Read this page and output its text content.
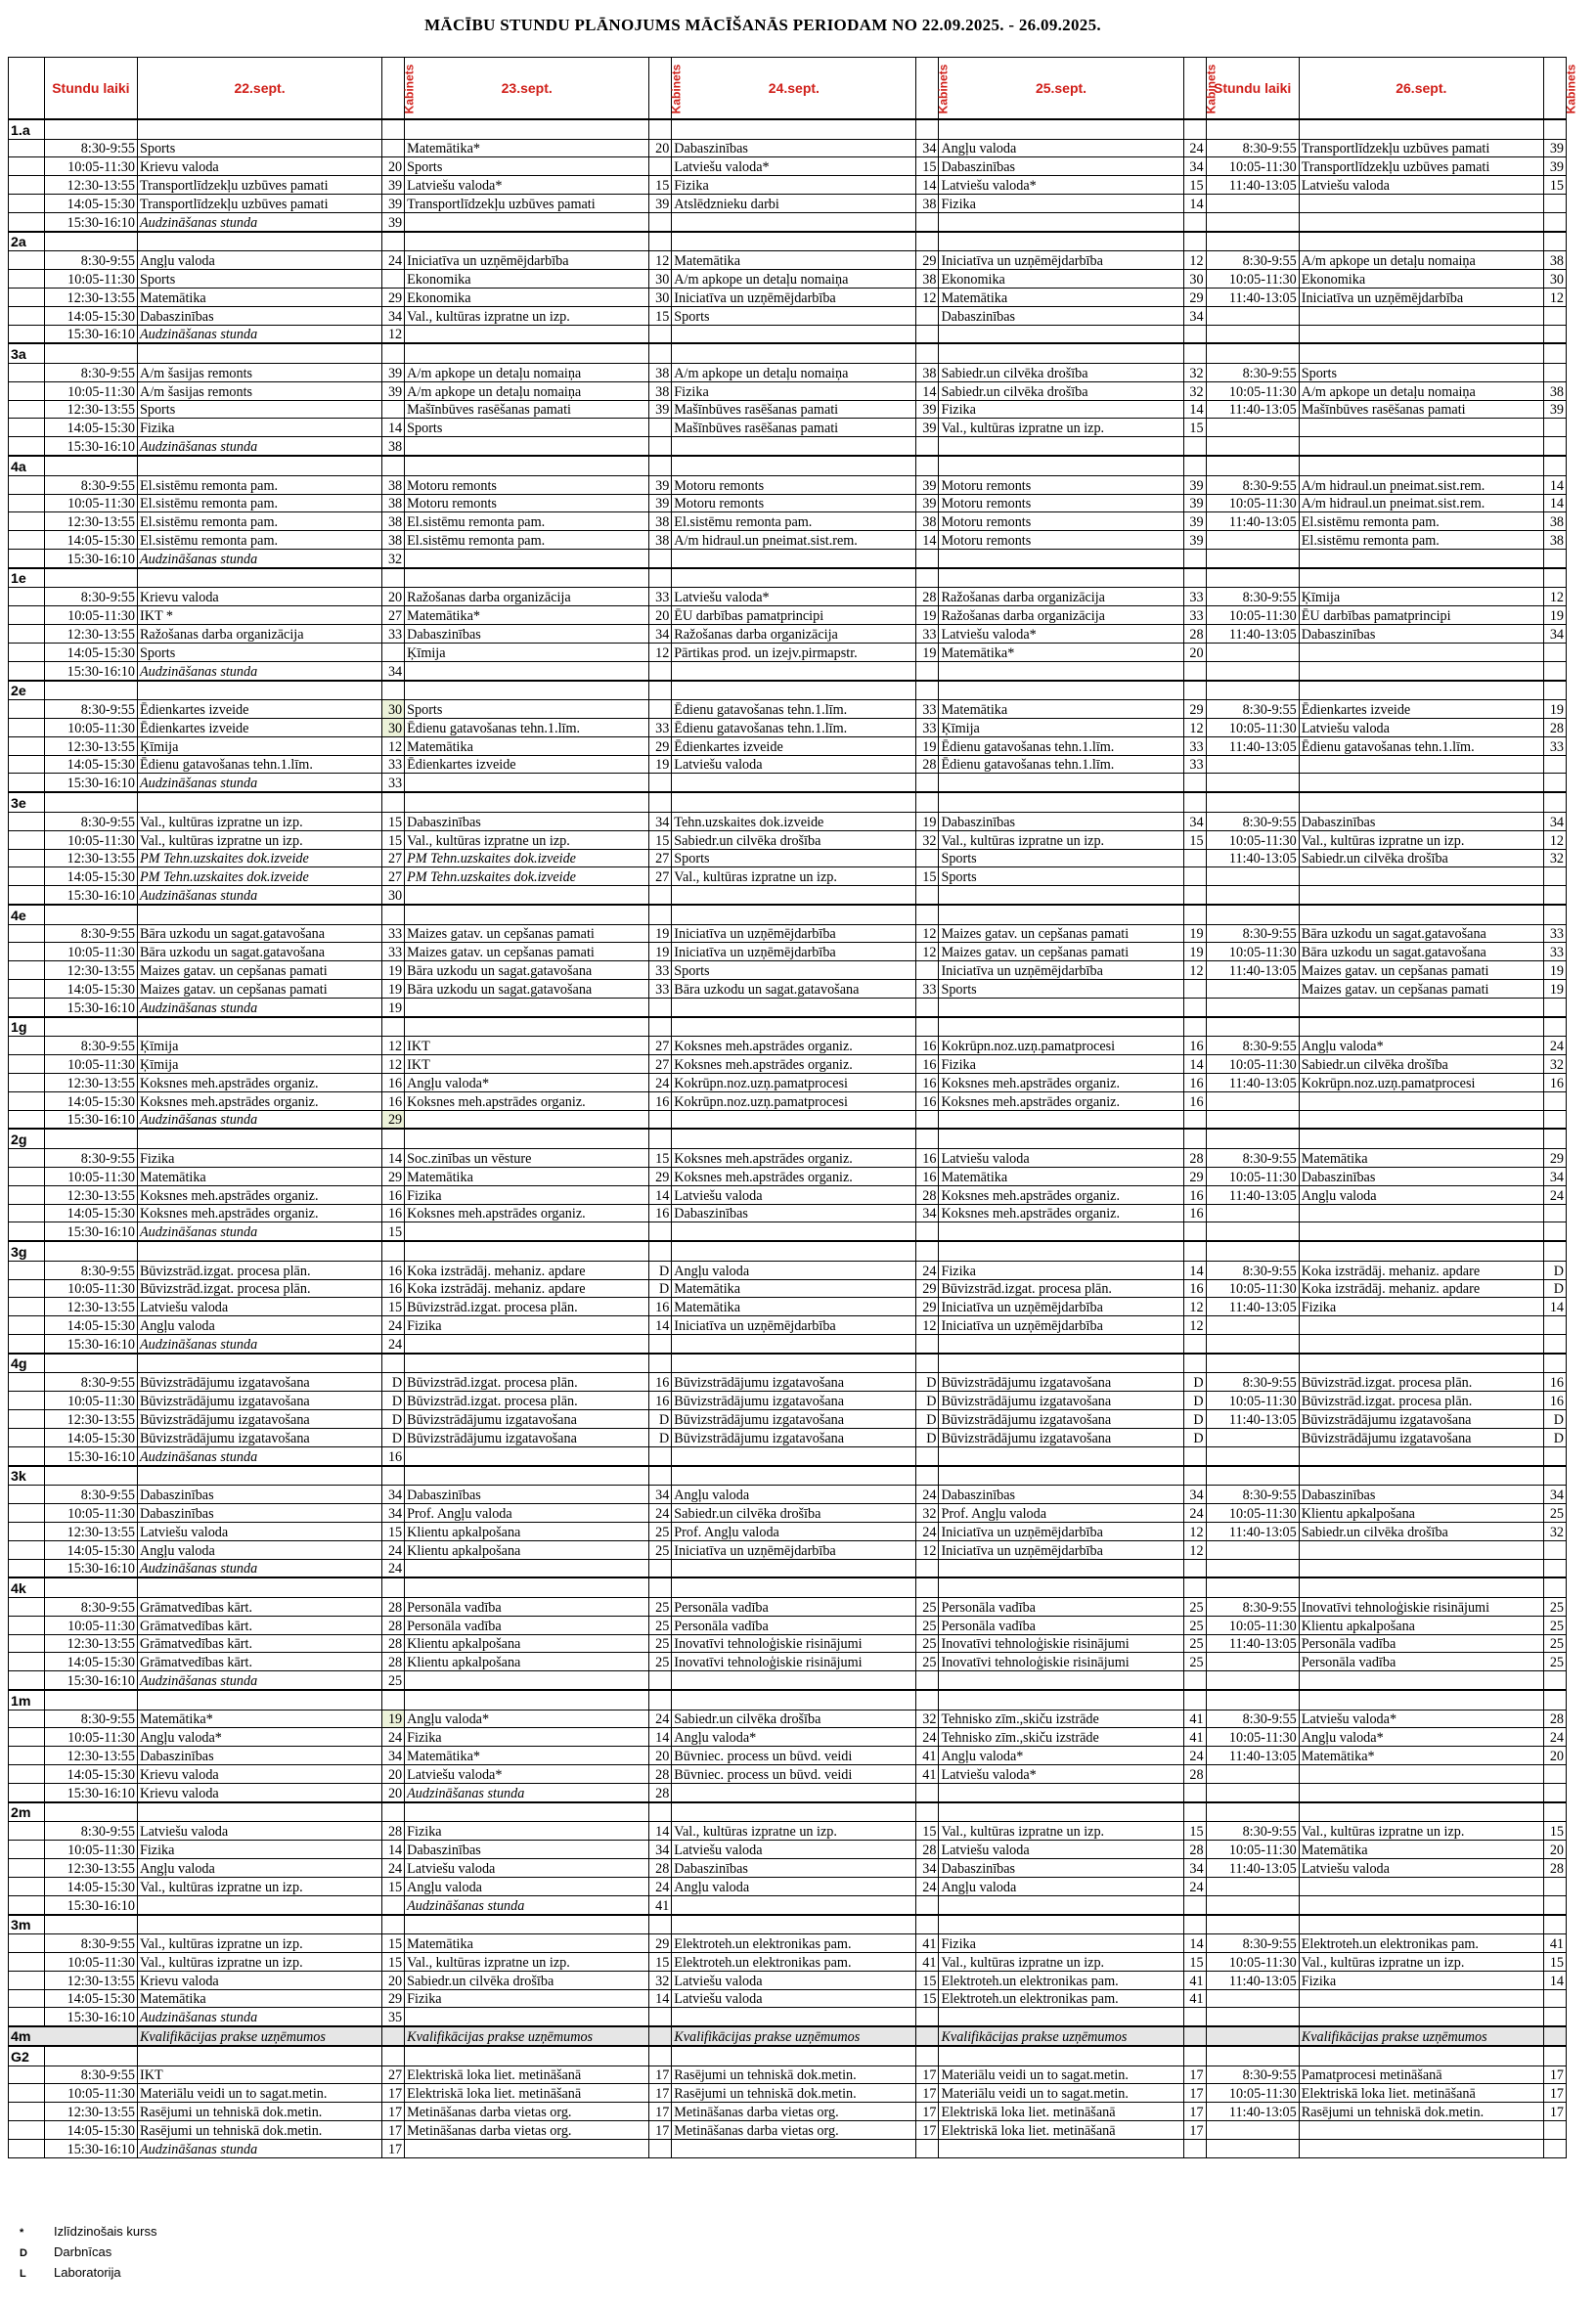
MĀCĪBU STUNDU PLĀNOJUMS MĀCĪŠANĀS PERIODAM NO 22.09.2025. - 26.09.2025.
	Stundu laiki	22.sept.	Kabinets	23.sept.	Kabinets	24.sept.	Kabinets	25.sept.	Kabinets	Stundu laiki	26.sept.	Kabinets
1.a												
	8:30-9:55	Sports		Matemātika*	20	Dabaszinības	34	Angļu valoda	24	8:30-9:55	Transportlīdzekļu uzbūves pamati	39
	10:05-11:30	Krievu valoda	20	Sports		Latviešu valoda*	15	Dabaszinības	34	10:05-11:30	Transportlīdzekļu uzbūves pamati	39
	12:30-13:55	Transportlīdzekļu uzbūves pamati	39	Latviešu valoda*	15	Fizika	14	Latviešu valoda*	15	11:40-13:05	Latviešu valoda	15
	14:05-15:30	Transportlīdzekļu uzbūves pamati	39	Transportlīdzekļu uzbūves pamati	39	Atslēdznieku darbi	38	Fizika	14			
	15:30-16:10	Audzināšanas stunda	39									
2a												
	8:30-9:55	Angļu valoda	24	Iniciatīva un uzņēmējdarbība	12	Matemātika	29	Iniciatīva un uzņēmējdarbība	12	8:30-9:55	A/m apkope un detaļu nomaiņa	38
	10:05-11:30	Sports		Ekonomika	30	A/m apkope un detaļu nomaiņa	38	Ekonomika	30	10:05-11:30	Ekonomika	30
	12:30-13:55	Matemātika	29	Ekonomika	30	Iniciatīva un uzņēmējdarbība	12	Matemātika	29	11:40-13:05	Iniciatīva un uzņēmējdarbība	12
	14:05-15:30	Dabaszinības	34	Val., kultūras izpratne un izp.	15	Sports		Dabaszinības	34			
	15:30-16:10	Audzināšanas stunda	12									
3a												
	8:30-9:55	A/m šasijas remonts	39	A/m apkope un detaļu nomaiņa	38	A/m apkope un detaļu nomaiņa	38	Sabiedr.un cilvēka drošība	32	8:30-9:55	Sports	
	10:05-11:30	A/m šasijas remonts	39	A/m apkope un detaļu nomaiņa	38	Fizika	14	Sabiedr.un cilvēka drošība	32	10:05-11:30	A/m apkope un detaļu nomaiņa	38
	12:30-13:55	Sports		Mašīnbūves rasēšanas pamati	39	Mašīnbūves rasēšanas pamati	39	Fizika	14	11:40-13:05	Mašīnbūves rasēšanas pamati	39
	14:05-15:30	Fizika	14	Sports		Mašīnbūves rasēšanas pamati	39	Val., kultūras izpratne un izp.	15			
	15:30-16:10	Audzināšanas stunda	38									
4a												
	8:30-9:55	El.sistēmu remonta pam.	38	Motoru remonts	39	Motoru remonts	39	Motoru remonts	39	8:30-9:55	A/m hidraul.un pneimat.sist.rem.	14
	10:05-11:30	El.sistēmu remonta pam.	38	Motoru remonts	39	Motoru remonts	39	Motoru remonts	39	10:05-11:30	A/m hidraul.un pneimat.sist.rem.	14
	12:30-13:55	El.sistēmu remonta pam.	38	El.sistēmu remonta pam.	38	El.sistēmu remonta pam.	38	Motoru remonts	39	11:40-13:05	El.sistēmu remonta pam.	38
	14:05-15:30	El.sistēmu remonta pam.	38	El.sistēmu remonta pam.	38	A/m hidraul.un pneimat.sist.rem.	14	Motoru remonts	39		El.sistēmu remonta pam.	38
	15:30-16:10	Audzināšanas stunda	32									
1e												
	8:30-9:55	Krievu valoda	20	Ražošanas darba organizācija	33	Latviešu valoda*	28	Ražošanas darba organizācija	33	8:30-9:55	Ķīmija	12
	10:05-11:30	IKT *	27	Matemātika*	20	ĒU darbības pamatprincipi	19	Ražošanas darba organizācija	33	10:05-11:30	ĒU darbības pamatprincipi	19
	12:30-13:55	Ražošanas darba organizācija	33	Dabaszinības	34	Ražošanas darba organizācija	33	Latviešu valoda*	28	11:40-13:05	Dabaszinības	34
	14:05-15:30	Sports		Ķīmija	12	Pārtikas prod. un izejv.pirmapstr.	19	Matemātika*	20			
	15:30-16:10	Audzināšanas stunda	34									
2e												
	8:30-9:55	Ēdienkartes izveide	30	Sports		Ēdienu gatavošanas tehn.1.līm.	33	Matemātika	29	8:30-9:55	Ēdienkartes izveide	19
	10:05-11:30	Ēdienkartes izveide	30	Ēdienu gatavošanas tehn.1.līm.	33	Ēdienu gatavošanas tehn.1.līm.	33	Ķīmija	12	10:05-11:30	Latviešu valoda	28
	12:30-13:55	Ķīmija	12	Matemātika	29	Ēdienkartes izveide	19	Ēdienu gatavošanas tehn.1.līm.	33	11:40-13:05	Ēdienu gatavošanas tehn.1.līm.	33
	14:05-15:30	Ēdienu gatavošanas tehn.1.līm.	33	Ēdienkartes izveide	19	Latviešu valoda	28	Ēdienu gatavošanas tehn.1.līm.	33			
	15:30-16:10	Audzināšanas stunda	33									
3e												
	8:30-9:55	Val., kultūras izpratne un izp.	15	Dabaszinības	34	Tehn.uzskaites dok.izveide	19	Dabaszinības	34	8:30-9:55	Dabaszinības	34
	10:05-11:30	Val., kultūras izpratne un izp.	15	Val., kultūras izpratne un izp.	15	Sabiedr.un cilvēka drošība	32	Val., kultūras izpratne un izp.	15	10:05-11:30	Val., kultūras izpratne un izp.	12
	12:30-13:55	PM Tehn.uzskaites dok.izveide	27	PM Tehn.uzskaites dok.izveide	27	Sports		Sports		11:40-13:05	Sabiedr.un cilvēka drošība	32
	14:05-15:30	PM Tehn.uzskaites dok.izveide	27	PM Tehn.uzskaites dok.izveide	27	Val., kultūras izpratne un izp.	15	Sports				
	15:30-16:10	Audzināšanas stunda	30									
4e												
	8:30-9:55	Bāra uzkodu un sagat.gatavošana	33	Maizes gatav. un cepšanas pamati	19	Iniciatīva un uzņēmējdarbība	12	Maizes gatav. un cepšanas pamati	19	8:30-9:55	Bāra uzkodu un sagat.gatavošana	33
	10:05-11:30	Bāra uzkodu un sagat.gatavošana	33	Maizes gatav. un cepšanas pamati	19	Iniciatīva un uzņēmējdarbība	12	Maizes gatav. un cepšanas pamati	19	10:05-11:30	Bāra uzkodu un sagat.gatavošana	33
	12:30-13:55	Maizes gatav. un cepšanas pamati	19	Bāra uzkodu un sagat.gatavošana	33	Sports		Iniciatīva un uzņēmējdarbība	12	11:40-13:05	Maizes gatav. un cepšanas pamati	19
	14:05-15:30	Maizes gatav. un cepšanas pamati	19	Bāra uzkodu un sagat.gatavošana	33	Bāra uzkodu un sagat.gatavošana	33	Sports			Maizes gatav. un cepšanas pamati	19
	15:30-16:10	Audzināšanas stunda	19									
1g												
	8:30-9:55	Ķīmija	12	IKT	27	Koksnes meh.apstrādes organiz.	16	Kokrūpn.noz.uzņ.pamatprocesi	16	8:30-9:55	Angļu valoda*	24
	10:05-11:30	Ķīmija	12	IKT	27	Koksnes meh.apstrādes organiz.	16	Fizika	14	10:05-11:30	Sabiedr.un cilvēka drošība	32
	12:30-13:55	Koksnes meh.apstrādes organiz.	16	Angļu valoda*	24	Kokrūpn.noz.uzņ.pamatprocesi	16	Koksnes meh.apstrādes organiz.	16	11:40-13:05	Kokrūpn.noz.uzņ.pamatprocesi	16
	14:05-15:30	Koksnes meh.apstrādes organiz.	16	Koksnes meh.apstrādes organiz.	16	Kokrūpn.noz.uzņ.pamatprocesi	16	Koksnes meh.apstrādes organiz.	16			
	15:30-16:10	Audzināšanas stunda	29									
2g												
	8:30-9:55	Fizika	14	Soc.zinības un vēsture	15	Koksnes meh.apstrādes organiz.	16	Latviešu valoda	28	8:30-9:55	Matemātika	29
	10:05-11:30	Matemātika	29	Matemātika	29	Koksnes meh.apstrādes organiz.	16	Matemātika	29	10:05-11:30	Dabaszinības	34
	12:30-13:55	Koksnes meh.apstrādes organiz.	16	Fizika	14	Latviešu valoda	28	Koksnes meh.apstrādes organiz.	16	11:40-13:05	Angļu valoda	24
	14:05-15:30	Koksnes meh.apstrādes organiz.	16	Koksnes meh.apstrādes organiz.	16	Dabaszinības	34	Koksnes meh.apstrādes organiz.	16			
	15:30-16:10	Audzināšanas stunda	15									
3g												
	8:30-9:55	Būvizstrād.izgat. procesa plān.	16	Koka izstrādāj. mehaniz. apdare	D	Angļu valoda	24	Fizika	14	8:30-9:55	Koka izstrādāj. mehaniz. apdare	D
	10:05-11:30	Būvizstrād.izgat. procesa plān.	16	Koka izstrādāj. mehaniz. apdare	D	Matemātika	29	Būvizstrād.izgat. procesa plān.	16	10:05-11:30	Koka izstrādāj. mehaniz. apdare	D
	12:30-13:55	Latviešu valoda	15	Būvizstrād.izgat. procesa plān.	16	Matemātika	29	Iniciatīva un uzņēmējdarbība	12	11:40-13:05	Fizika	14
	14:05-15:30	Angļu valoda	24	Fizika	14	Iniciatīva un uzņēmējdarbība	12	Iniciatīva un uzņēmējdarbība	12			
	15:30-16:10	Audzināšanas stunda	24									
4g												
	8:30-9:55	Būvizstrādājumu izgatavošana	D	Būvizstrād.izgat. procesa plān.	16	Būvizstrādājumu izgatavošana	D	Būvizstrādājumu izgatavošana	D	8:30-9:55	Būvizstrād.izgat. procesa plān.	16
	10:05-11:30	Būvizstrādājumu izgatavošana	D	Būvizstrād.izgat. procesa plān.	16	Būvizstrādājumu izgatavošana	D	Būvizstrādājumu izgatavošana	D	10:05-11:30	Būvizstrād.izgat. procesa plān.	16
	12:30-13:55	Būvizstrādājumu izgatavošana	D	Būvizstrādājumu izgatavošana	D	Būvizstrādājumu izgatavošana	D	Būvizstrādājumu izgatavošana	D	11:40-13:05	Būvizstrādājumu izgatavošana	D
	14:05-15:30	Būvizstrādājumu izgatavošana	D	Būvizstrādājumu izgatavošana	D	Būvizstrādājumu izgatavošana	D	Būvizstrādājumu izgatavošana	D		Būvizstrādājumu izgatavošana	D
	15:30-16:10	Audzināšanas stunda	16									
3k												
	8:30-9:55	Dabaszinības	34	Dabaszinības	34	Angļu valoda	24	Dabaszinības	34	8:30-9:55	Dabaszinības	34
	10:05-11:30	Dabaszinības	34	Prof. Angļu valoda	24	Sabiedr.un cilvēka drošība	32	Prof. Angļu valoda	24	10:05-11:30	Klientu apkalpošana	25
	12:30-13:55	Latviešu valoda	15	Klientu apkalpošana	25	Prof. Angļu valoda	24	Iniciatīva un uzņēmējdarbība	12	11:40-13:05	Sabiedr.un cilvēka drošība	32
	14:05-15:30	Angļu valoda	24	Klientu apkalpošana	25	Iniciatīva un uzņēmējdarbība	12	Iniciatīva un uzņēmējdarbība	12			
	15:30-16:10	Audzināšanas stunda	24									
4k												
	8:30-9:55	Grāmatvedības kārt.	28	Personāla vadība	25	Personāla vadība	25	Personāla vadība	25	8:30-9:55	Inovatīvi tehnoloģiskie risinājumi	25
	10:05-11:30	Grāmatvedības kārt.	28	Personāla vadība	25	Personāla vadība	25	Personāla vadība	25	10:05-11:30	Klientu apkalpošana	25
	12:30-13:55	Grāmatvedības kārt.	28	Klientu apkalpošana	25	Inovatīvi tehnoloģiskie risinājumi	25	Inovatīvi tehnoloģiskie risinājumi	25	11:40-13:05	Personāla vadība	25
	14:05-15:30	Grāmatvedības kārt.	28	Klientu apkalpošana	25	Inovatīvi tehnoloģiskie risinājumi	25	Inovatīvi tehnoloģiskie risinājumi	25		Personāla vadība	25
	15:30-16:10	Audzināšanas stunda	25									
1m												
	8:30-9:55	Matemātika*	19	Angļu valoda*	24	Sabiedr.un cilvēka drošība	32	Tehnisko zīm.,skiču izstrāde	41	8:30-9:55	Latviešu valoda*	28
	10:05-11:30	Angļu valoda*	24	Fizika	14	Angļu valoda*	24	Tehnisko zīm.,skiču izstrāde	41	10:05-11:30	Angļu valoda*	24
	12:30-13:55	Dabaszinības	34	Matemātika*	20	Būvniec. process un būvd. veidi	41	Angļu valoda*	24	11:40-13:05	Matemātika*	20
	14:05-15:30	Krievu valoda	20	Latviešu valoda*	28	Būvniec. process un būvd. veidi	41	Latviešu valoda*	28			
	15:30-16:10	Krievu valoda	20	Audzināšanas stunda	28							
2m												
	8:30-9:55	Latviešu valoda	28	Fizika	14	Val., kultūras izpratne un izp.	15	Val., kultūras izpratne un izp.	15	8:30-9:55	Val., kultūras izpratne un izp.	15
	10:05-11:30	Fizika	14	Dabaszinības	34	Latviešu valoda	28	Latviešu valoda	28	10:05-11:30	Matemātika	20
	12:30-13:55	Angļu valoda	24	Latviešu valoda	28	Dabaszinības	34	Dabaszinības	34	11:40-13:05	Latviešu valoda	28
	14:05-15:30	Val., kultūras izpratne un izp.	15	Angļu valoda	24	Angļu valoda	24	Angļu valoda	24			
	15:30-16:10			Audzināšanas stunda	41							
3m												
	8:30-9:55	Val., kultūras izpratne un izp.	15	Matemātika	29	Elektroteh.un elektronikas pam.	41	Fizika	14	8:30-9:55	Elektroteh.un elektronikas pam.	41
	10:05-11:30	Val., kultūras izpratne un izp.	15	Val., kultūras izpratne un izp.	15	Elektroteh.un elektronikas pam.	41	Val., kultūras izpratne un izp.	15	10:05-11:30	Val., kultūras izpratne un izp.	15
	12:30-13:55	Krievu valoda	20	Sabiedr.un cilvēka drošība	32	Latviešu valoda	15	Elektroteh.un elektronikas pam.	41	11:40-13:05	Fizika	14
	14:05-15:30	Matemātika	29	Fizika	14	Latviešu valoda	15	Elektroteh.un elektronikas pam.	41			
	15:30-16:10	Audzināšanas stunda	35									
4m		Kvalifikācijas prakse uzņēmumos		Kvalifikācijas prakse uzņēmumos		Kvalifikācijas prakse uzņēmumos		Kvalifikācijas prakse uzņēmumos			Kvalifikācijas prakse uzņēmumos	
G2												
	8:30-9:55	IKT	27	Elektriskā loka liet. metināšanā	17	Rasējumi un tehniskā dok.metin.	17	Materiālu veidi un to sagat.metin.	17	8:30-9:55	Pamatprocesi metināšanā	17
	10:05-11:30	Materiālu veidi un to sagat.metin.	17	Elektriskā loka liet. metināšanā	17	Rasējumi un tehniskā dok.metin.	17	Materiālu veidi un to sagat.metin.	17	10:05-11:30	Elektriskā loka liet. metināšanā	17
	12:30-13:55	Rasējumi un tehniskā dok.metin.	17	Metināšanas darba vietas org.	17	Metināšanas darba vietas org.	17	Elektriskā loka liet. metināšanā	17	11:40-13:05	Rasējumi un tehniskā dok.metin.	17
	14:05-15:30	Rasējumi un tehniskā dok.metin.	17	Metināšanas darba vietas org.	17	Metināšanas darba vietas org.	17	Elektriskā loka liet. metināšanā	17			
	15:30-16:10	Audzināšanas stunda	17									
* Izlīdzinošais kurss
D Darbnīcas
L Laboratorija
